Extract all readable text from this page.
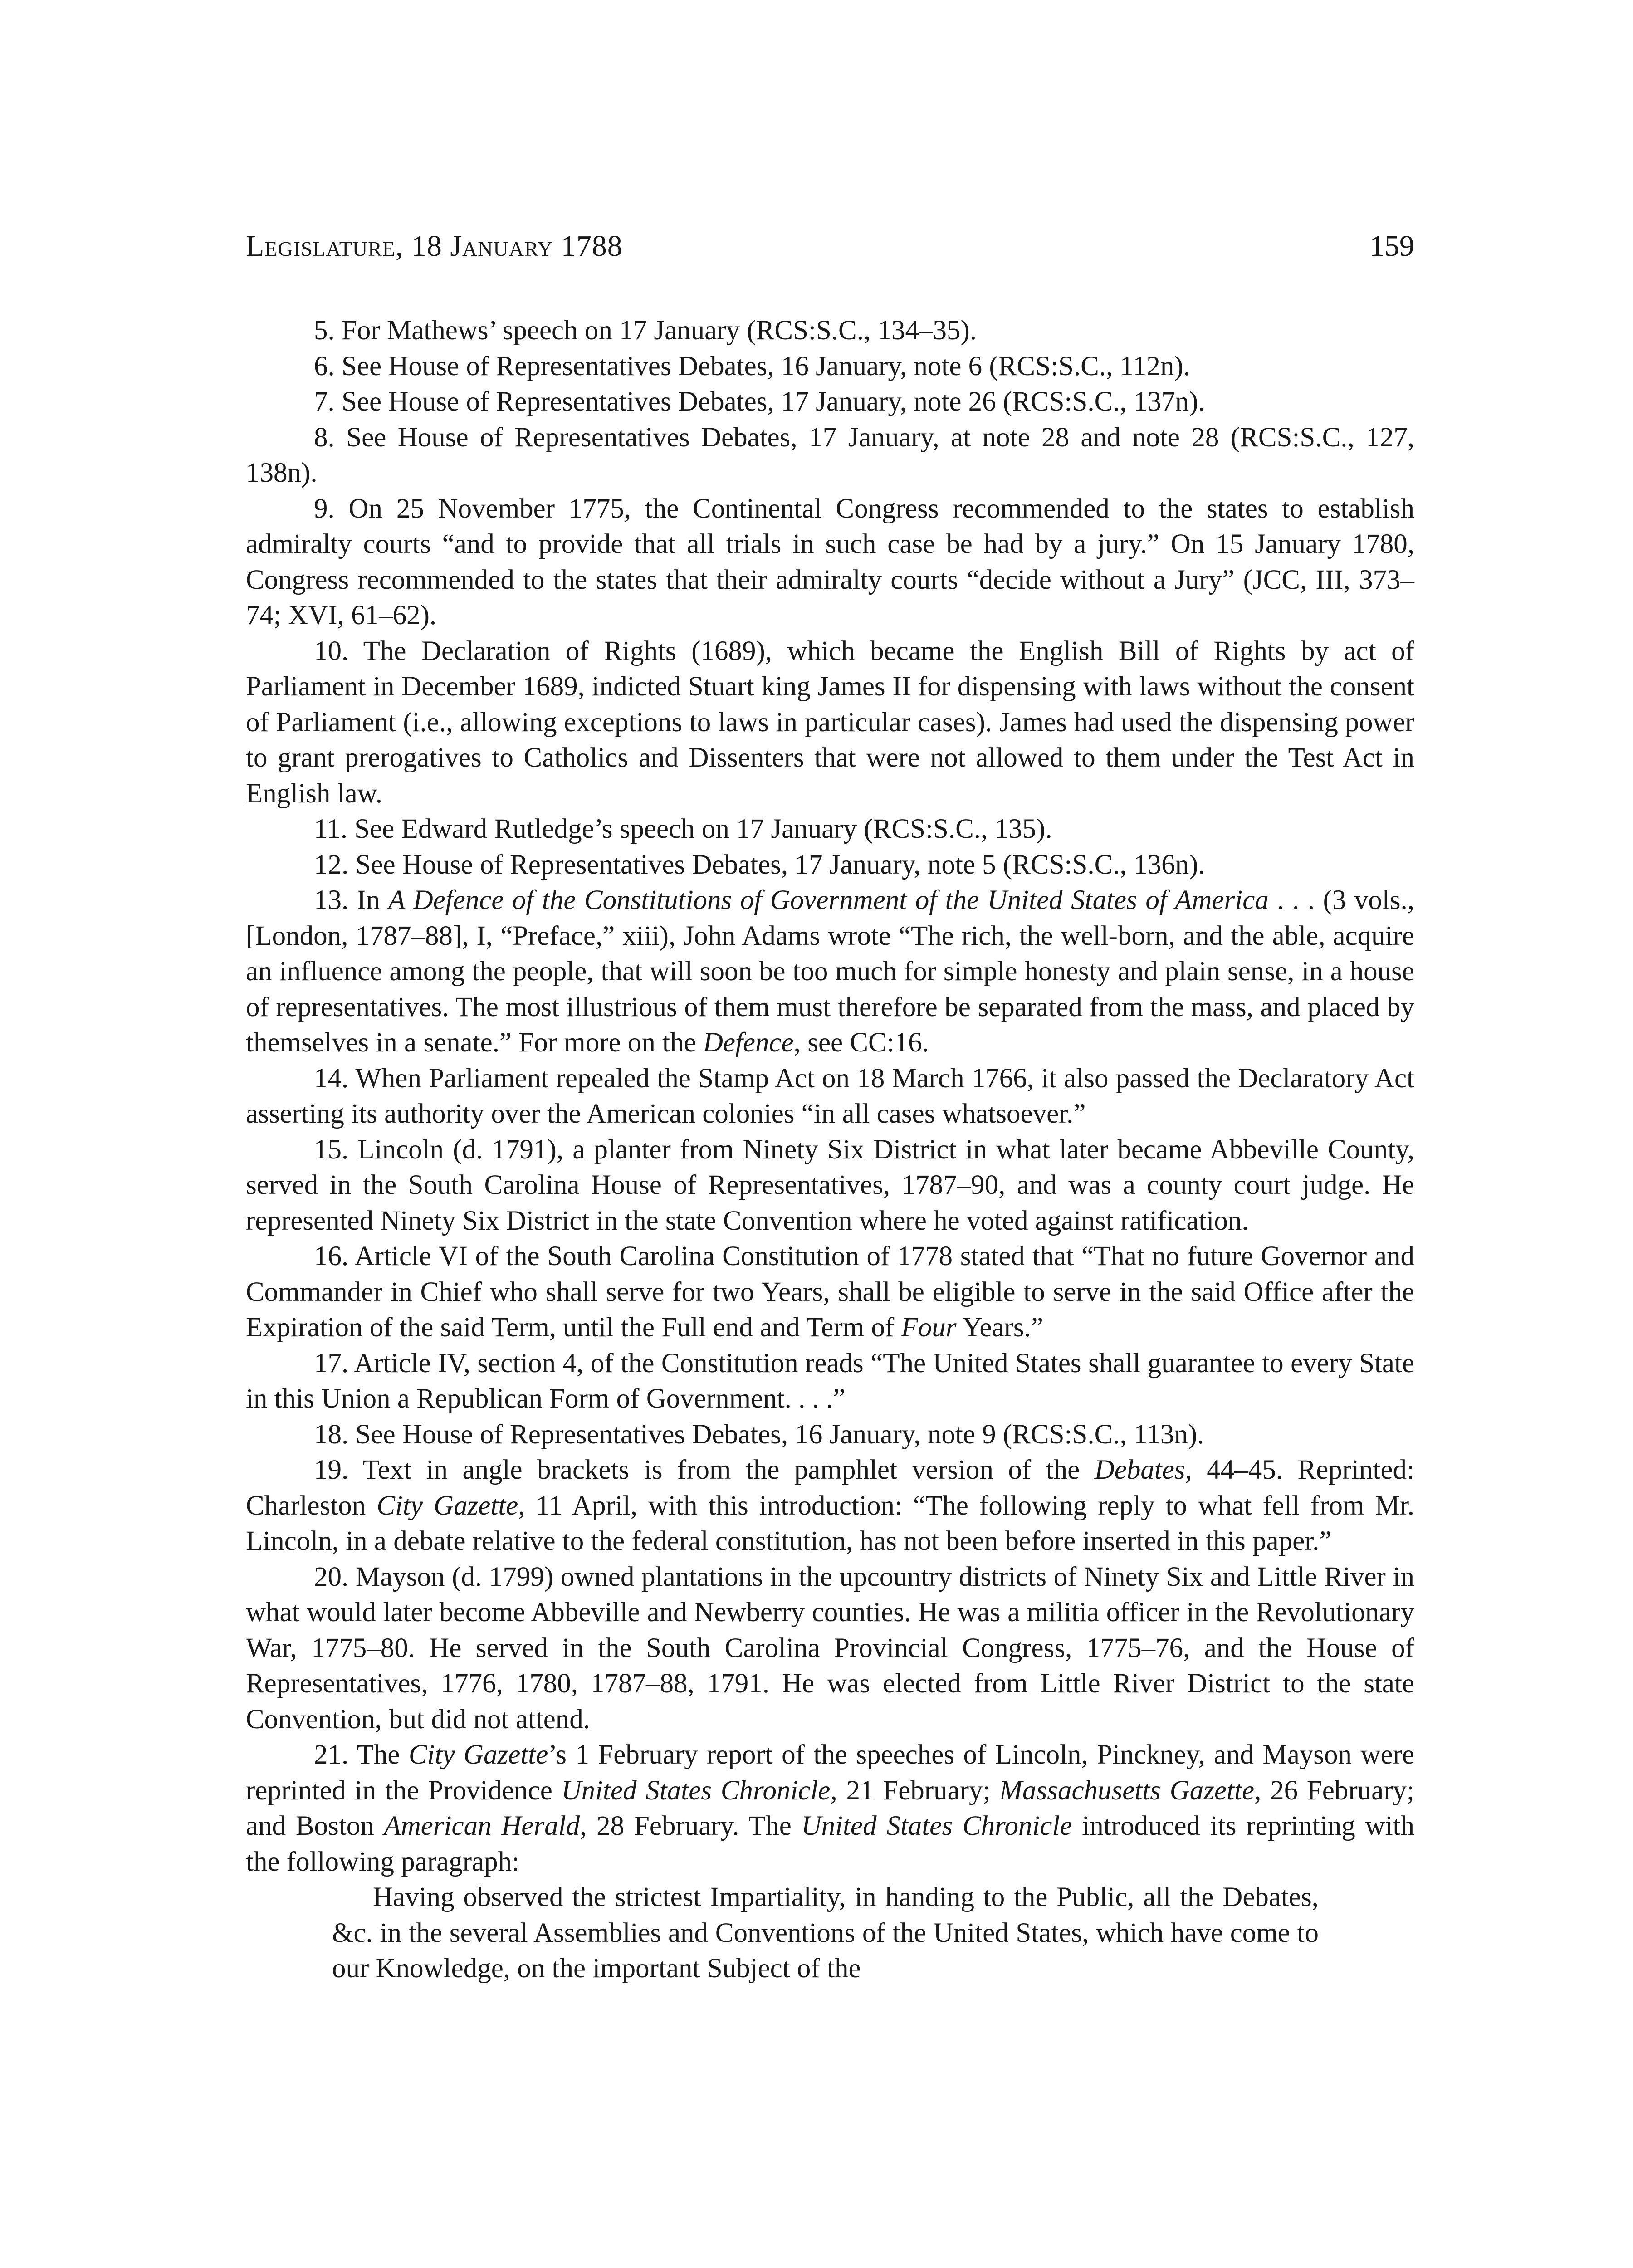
Legislature, 18 January 1788	159

5. For Mathews’ speech on 17 January (RCS:S.C., 134–35).

6. See House of Representatives Debates, 16 January, note 6 (RCS:S.C., 112n).

7. See House of Representatives Debates, 17 January, note 26 (RCS:S.C., 137n).

8. See House of Representatives Debates, 17 January, at note 28 and note 28 (RCS:S.C., 127, 138n).

9. On 25 November 1775, the Continental Congress recommended to the states to establish admiralty courts “and to provide that all trials in such case be had by a jury.” On 15 January 1780, Congress recommended to the states that their admiralty courts “decide without a Jury” (JCC, III, 373–74; XVI, 61–62).

10. The Declaration of Rights (1689), which became the English Bill of Rights by act of Parliament in December 1689, indicted Stuart king James II for dispensing with laws without the consent of Parliament (i.e., allowing exceptions to laws in particular cases). James had used the dispensing power to grant prerogatives to Catholics and Dissenters that were not allowed to them under the Test Act in English law.

11. See Edward Rutledge’s speech on 17 January (RCS:S.C., 135).

12. See House of Representatives Debates, 17 January, note 5 (RCS:S.C., 136n).

13. In A Defence of the Constitutions of Government of the United States of America . . . (3 vols., [London, 1787–88], I, “Preface,” xiii), John Adams wrote “The rich, the well-born, and the able, acquire an influence among the people, that will soon be too much for simple honesty and plain sense, in a house of representatives. The most illustrious of them must therefore be separated from the mass, and placed by themselves in a senate.” For more on the Defence, see CC:16.

14. When Parliament repealed the Stamp Act on 18 March 1766, it also passed the Declaratory Act asserting its authority over the American colonies “in all cases whatsoever.”

15. Lincoln (d. 1791), a planter from Ninety Six District in what later became Abbeville County, served in the South Carolina House of Representatives, 1787–90, and was a county court judge. He represented Ninety Six District in the state Convention where he voted against ratification.

16. Article VI of the South Carolina Constitution of 1778 stated that “That no future Governor and Commander in Chief who shall serve for two Years, shall be eligible to serve in the said Office after the Expiration of the said Term, until the Full end and Term of Four Years.”

17. Article IV, section 4, of the Constitution reads “The United States shall guarantee to every State in this Union a Republican Form of Government. . . .”

18. See House of Representatives Debates, 16 January, note 9 (RCS:S.C., 113n).

19. Text in angle brackets is from the pamphlet version of the Debates, 44–45. Reprinted: Charleston City Gazette, 11 April, with this introduction: “The following reply to what fell from Mr. Lincoln, in a debate relative to the federal constitution, has not been before inserted in this paper.”

20. Mayson (d. 1799) owned plantations in the upcountry districts of Ninety Six and Little River in what would later become Abbeville and Newberry counties. He was a militia officer in the Revolutionary War, 1775–80. He served in the South Carolina Provincial Congress, 1775–76, and the House of Representatives, 1776, 1780, 1787–88, 1791. He was elected from Little River District to the state Convention, but did not attend.

21. The City Gazette’s 1 February report of the speeches of Lincoln, Pinckney, and Mayson were reprinted in the Providence United States Chronicle, 21 February; Massachusetts Gazette, 26 February; and Boston American Herald, 28 February. The United States Chronicle introduced its reprinting with the following paragraph:

Having observed the strictest Impartiality, in handing to the Public, all the Debates, &c. in the several Assemblies and Conventions of the United States, which have come to our Knowledge, on the important Subject of the
